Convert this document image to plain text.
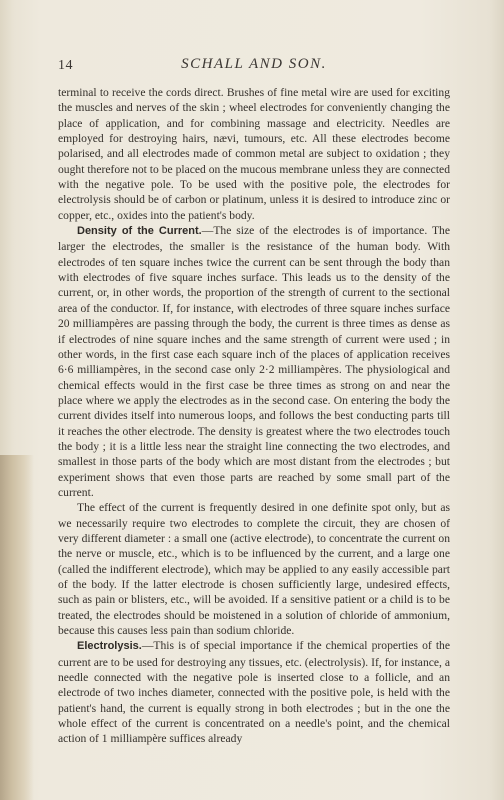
14	SCHALL AND SON.

terminal to receive the cords direct. Brushes of fine metal wire are used for exciting the muscles and nerves of the skin ; wheel electrodes for conveniently changing the place of application, and for combining massage and electricity. Needles are employed for destroying hairs, nævi, tumours, etc. All these electrodes become polarised, and all electrodes made of common metal are subject to oxidation ; they ought therefore not to be placed on the mucous membrane unless they are connected with the negative pole. To be used with the positive pole, the electrodes for electrolysis should be of carbon or platinum, unless it is desired to introduce zinc or copper, etc., oxides into the patient's body.

Density of the Current.—The size of the electrodes is of importance. The larger the electrodes, the smaller is the resistance of the human body. With electrodes of ten square inches twice the current can be sent through the body than with electrodes of five square inches surface. This leads us to the density of the current, or, in other words, the proportion of the strength of current to the sectional area of the conductor. If, for instance, with electrodes of three square inches surface 20 milliampères are passing through the body, the current is three times as dense as if electrodes of nine square inches and the same strength of current were used ; in other words, in the first case each square inch of the places of application receives 6·6 milliampères, in the second case only 2·2 milliampères. The physiological and chemical effects would in the first case be three times as strong on and near the place where we apply the electrodes as in the second case. On entering the body the current divides itself into numerous loops, and follows the best conducting parts till it reaches the other electrode. The density is greatest where the two electrodes touch the body ; it is a little less near the straight line connecting the two electrodes, and smallest in those parts of the body which are most distant from the electrodes ; but experiment shows that even those parts are reached by some small part of the current.

The effect of the current is frequently desired in one definite spot only, but as we necessarily require two electrodes to complete the circuit, they are chosen of very different diameter : a small one (active electrode), to concentrate the current on the nerve or muscle, etc., which is to be influenced by the current, and a large one (called the indifferent electrode), which may be applied to any easily accessible part of the body. If the latter electrode is chosen sufficiently large, undesired effects, such as pain or blisters, etc., will be avoided. If a sensitive patient or a child is to be treated, the electrodes should be moistened in a solution of chloride of ammonium, because this causes less pain than sodium chloride.

Electrolysis.—This is of special importance if the chemical properties of the current are to be used for destroying any tissues, etc. (electrolysis). If, for instance, a needle connected with the negative pole is inserted close to a follicle, and an electrode of two inches diameter, connected with the positive pole, is held with the patient's hand, the current is equally strong in both electrodes ; but in the one the whole effect of the current is concentrated on a needle's point, and the chemical action of 1 milliampère suffices already
